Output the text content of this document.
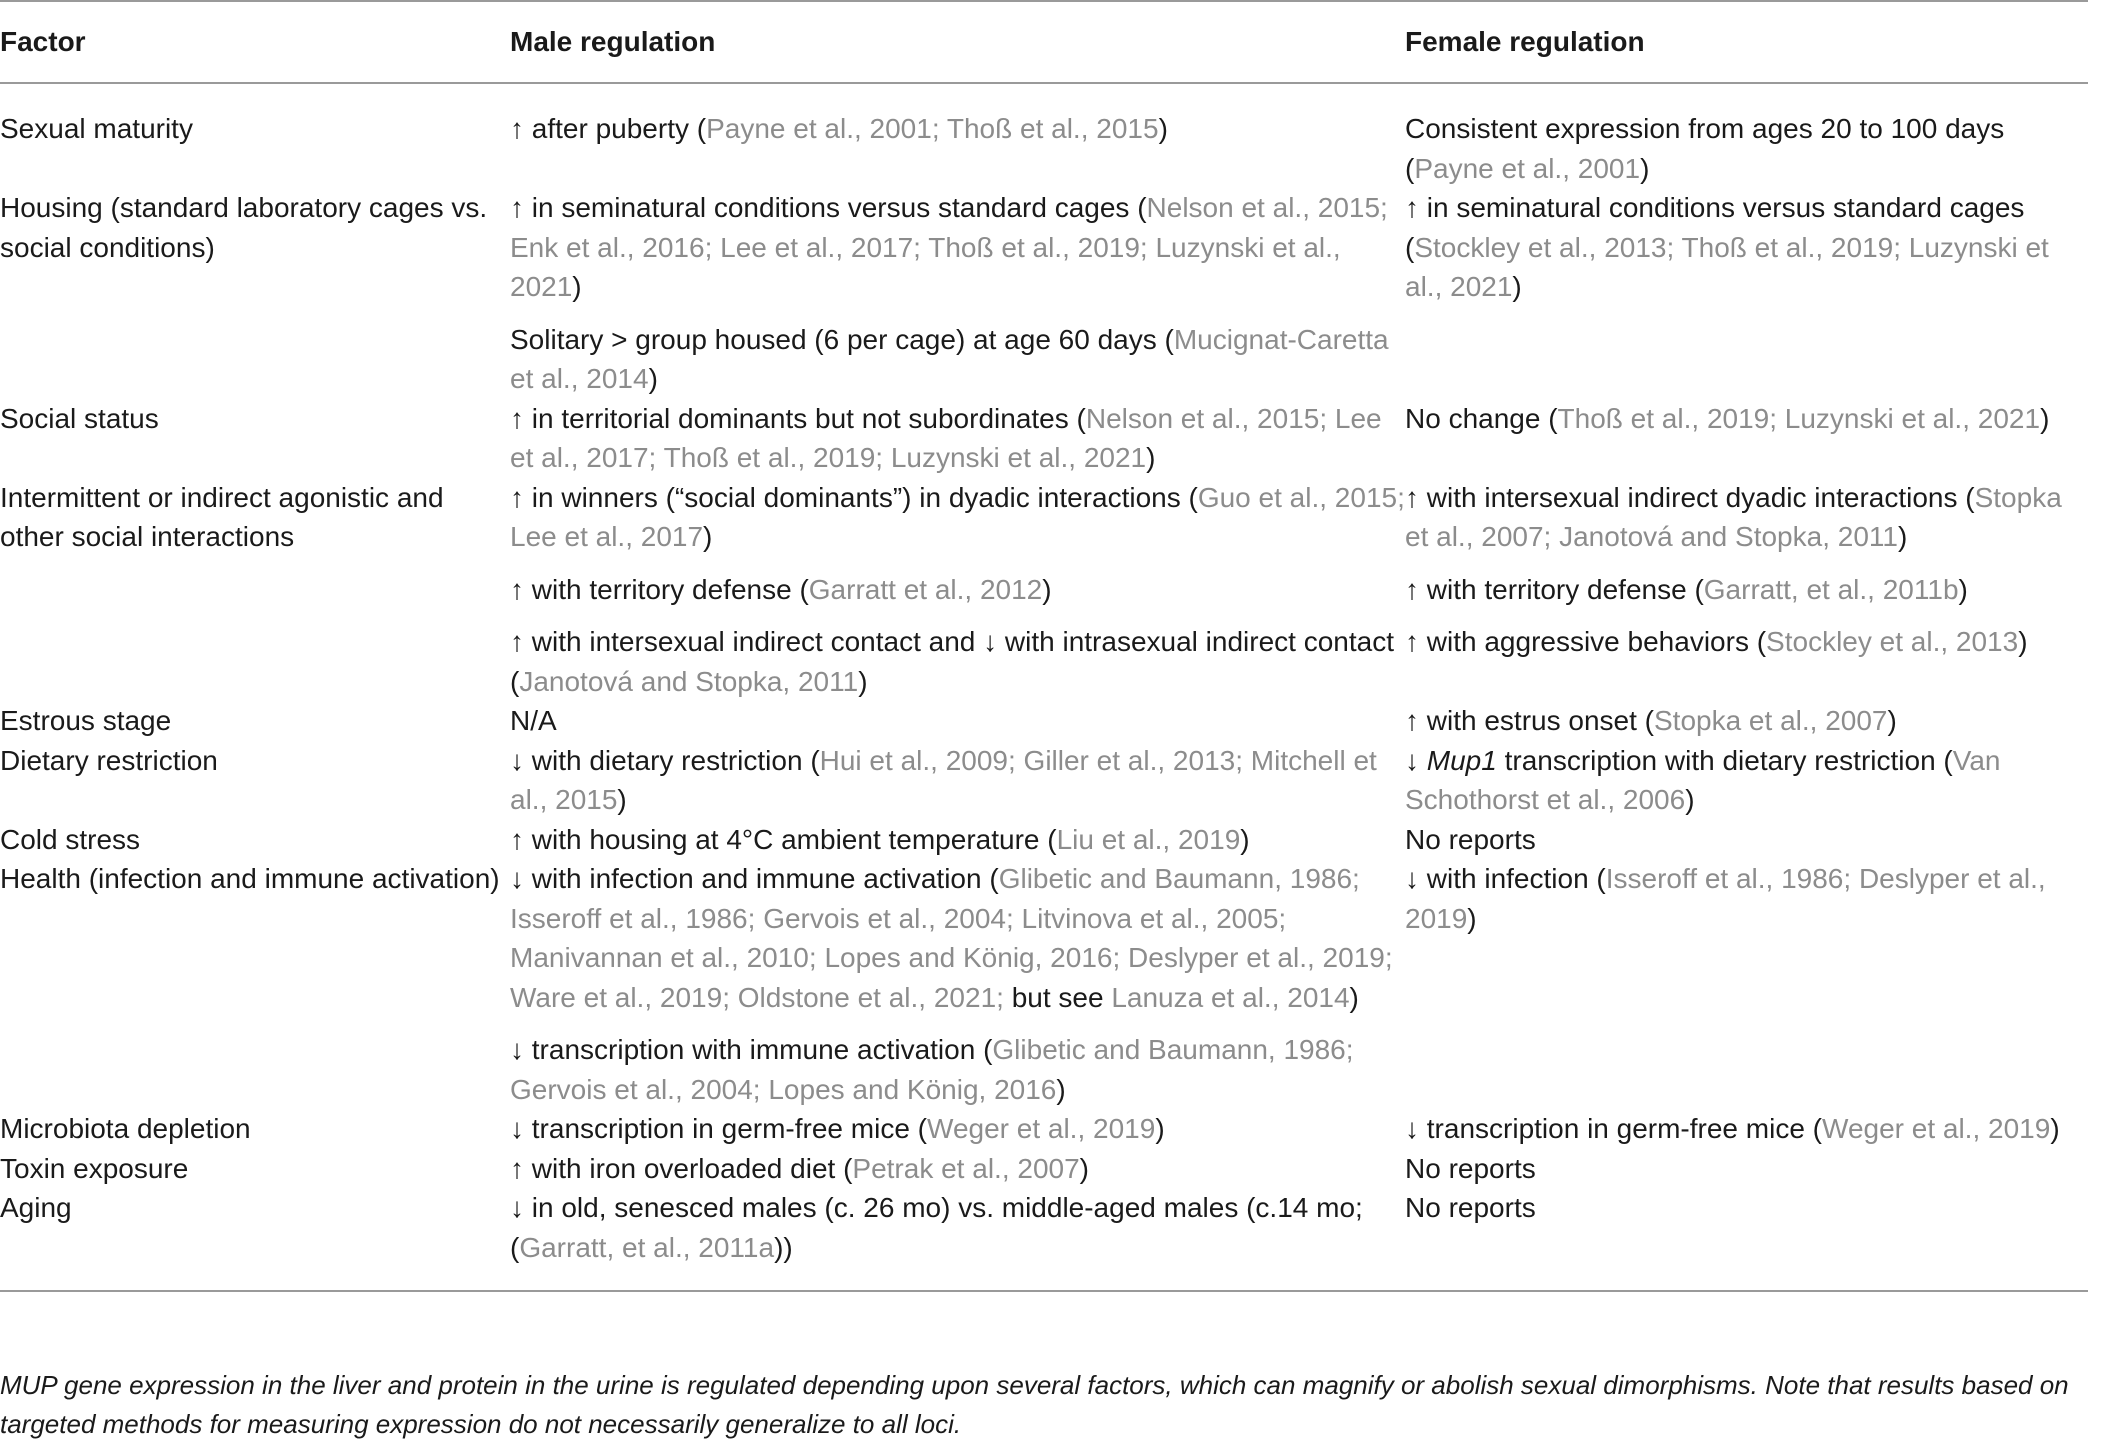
Factor	Male regulation	Female regulation
Sexual maturity	↑ after puberty (Payne et al., 2001; Thoß et al., 2015)	Consistent expression from ages 20 to 100 days (Payne et al., 2001)
Housing (standard laboratory cages vs. social conditions)	↑ in seminatural conditions versus standard cages (Nelson et al., 2015; Enk et al., 2016; Lee et al., 2017; Thoß et al., 2019; Luzynski et al., 2021)	↑ in seminatural conditions versus standard cages (Stockley et al., 2013; Thoß et al., 2019; Luzynski et al., 2021)
	Solitary > group housed (6 per cage) at age 60 days (Mucignat-Caretta et al., 2014)	
Social status	↑ in territorial dominants but not subordinates (Nelson et al., 2015; Lee et al., 2017; Thoß et al., 2019; Luzynski et al., 2021)	No change (Thoß et al., 2019; Luzynski et al., 2021)
Intermittent or indirect agonistic and other social interactions	↑ in winners (“social dominants”) in dyadic interactions (Guo et al., 2015; Lee et al., 2017)	↑ with intersexual indirect dyadic interactions (Stopka et al., 2007; Janotová and Stopka, 2011)
	↑ with territory defense (Garratt et al., 2012)	↑ with territory defense (Garratt, et al., 2011b)
	↑ with intersexual indirect contact and ↓ with intrasexual indirect contact (Janotová and Stopka, 2011)	↑ with aggressive behaviors (Stockley et al., 2013)
Estrous stage	N/A	↑ with estrus onset (Stopka et al., 2007)
Dietary restriction	↓ with dietary restriction (Hui et al., 2009; Giller et al., 2013; Mitchell et al., 2015)	↓ Mup1 transcription with dietary restriction (Van Schothorst et al., 2006)
Cold stress	↑ with housing at 4°C ambient temperature (Liu et al., 2019)	No reports
Health (infection and immune activation)	↓ with infection and immune activation (Glibetic and Baumann, 1986; Isseroff et al., 1986; Gervois et al., 2004; Litvinova et al., 2005; Manivannan et al., 2010; Lopes and König, 2016; Deslyper et al., 2019; Ware et al., 2019; Oldstone et al., 2021; but see Lanuza et al., 2014)	↓ with infection (Isseroff et al., 1986; Deslyper et al., 2019)
	↓ transcription with immune activation (Glibetic and Baumann, 1986; Gervois et al., 2004; Lopes and König, 2016)	
Microbiota depletion	↓ transcription in germ-free mice (Weger et al., 2019)	↓ transcription in germ-free mice (Weger et al., 2019)
Toxin exposure	↑ with iron overloaded diet (Petrak et al., 2007)	No reports
Aging	↓ in old, senesced males (c. 26 mo) vs. middle-aged males (c.14 mo; (Garratt, et al., 2011a))	No reports
MUP gene expression in the liver and protein in the urine is regulated depending upon several factors, which can magnify or abolish sexual dimorphisms. Note that results based on targeted methods for measuring expression do not necessarily generalize to all loci.
